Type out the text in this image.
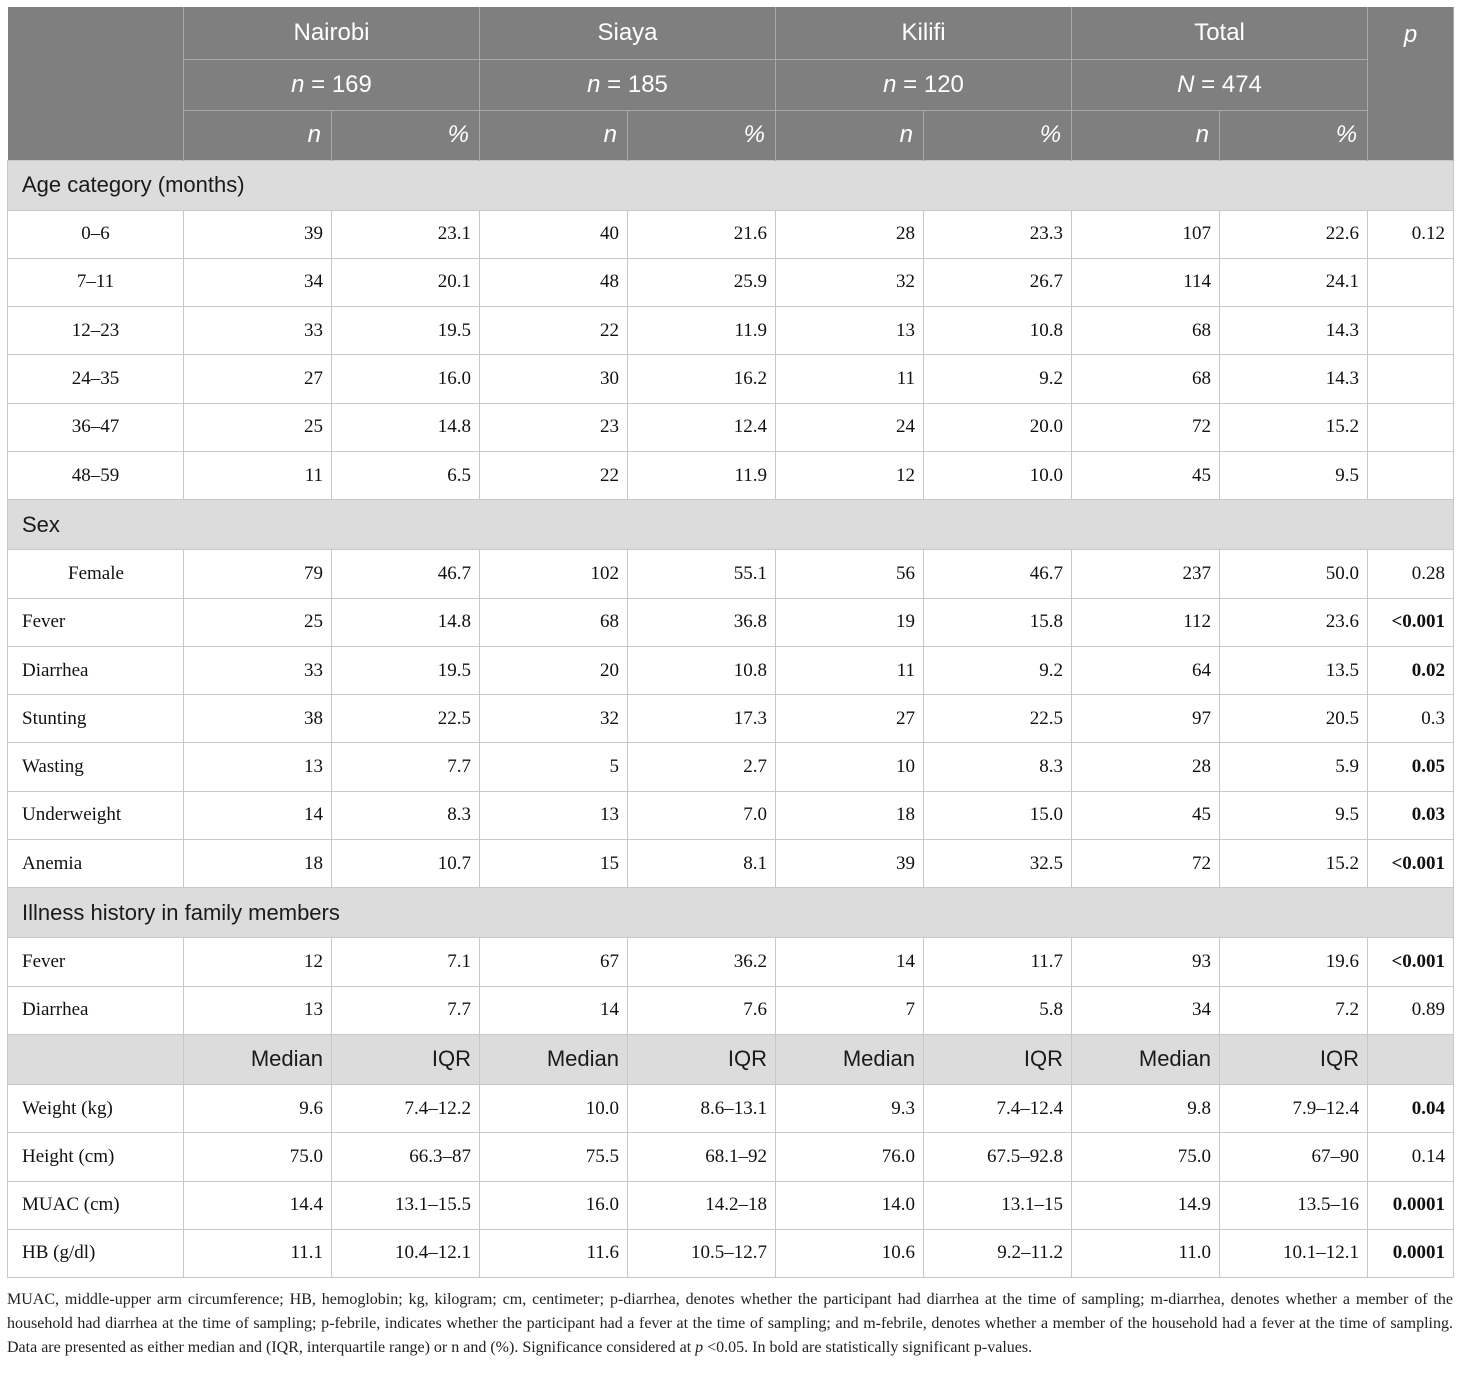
	Nairobi		Siaya		Kilifi		Total		p
	n = 169		n = 185		n = 120		N = 474		
	n	%	n	%	n	%	n	%	
Age category (months)									
0–6	39	23.1	40	21.6	28	23.3	107	22.6	0.12
7–11	34	20.1	48	25.9	32	26.7	114	24.1	
12–23	33	19.5	22	11.9	13	10.8	68	14.3	
24–35	27	16.0	30	16.2	11	9.2	68	14.3	
36–47	25	14.8	23	12.4	24	20.0	72	15.2	
48–59	11	6.5	22	11.9	12	10.0	45	9.5	
Sex									
Female	79	46.7	102	55.1	56	46.7	237	50.0	0.28
Fever	25	14.8	68	36.8	19	15.8	112	23.6	<0.001
Diarrhea	33	19.5	20	10.8	11	9.2	64	13.5	0.02
Stunting	38	22.5	32	17.3	27	22.5	97	20.5	0.3
Wasting	13	7.7	5	2.7	10	8.3	28	5.9	0.05
Underweight	14	8.3	13	7.0	18	15.0	45	9.5	0.03
Anemia	18	10.7	15	8.1	39	32.5	72	15.2	<0.001
Illness history in family members									
Fever	12	7.1	67	36.2	14	11.7	93	19.6	<0.001
Diarrhea	13	7.7	14	7.6	7	5.8	34	7.2	0.89
	Median	IQR	Median	IQR	Median	IQR	Median	IQR	
Weight (kg)	9.6	7.4–12.2	10.0	8.6–13.1	9.3	7.4–12.4	9.8	7.9–12.4	0.04
Height (cm)	75.0	66.3–87	75.5	68.1–92	76.0	67.5–92.8	75.0	67–90	0.14
MUAC (cm)	14.4	13.1–15.5	16.0	14.2–18	14.0	13.1–15	14.9	13.5–16	0.0001
HB (g/dl)	11.1	10.4–12.1	11.6	10.5–12.7	10.6	9.2–11.2	11.0	10.1–12.1	0.0001

MUAC, middle-upper arm circumference; HB, hemoglobin; kg, kilogram; cm, centimeter; p-diarrhea, denotes whether the participant had diarrhea at the time of sampling; m-diarrhea, denotes whether a member of the household had diarrhea at the time of sampling; p-febrile, indicates whether the participant had a fever at the time of sampling; and m-febrile, denotes whether a member of the household had a fever at the time of sampling. Data are presented as either median and (IQR, interquartile range) or n and (%). Significance considered at p <0.05. In bold are statistically significant p-values.
